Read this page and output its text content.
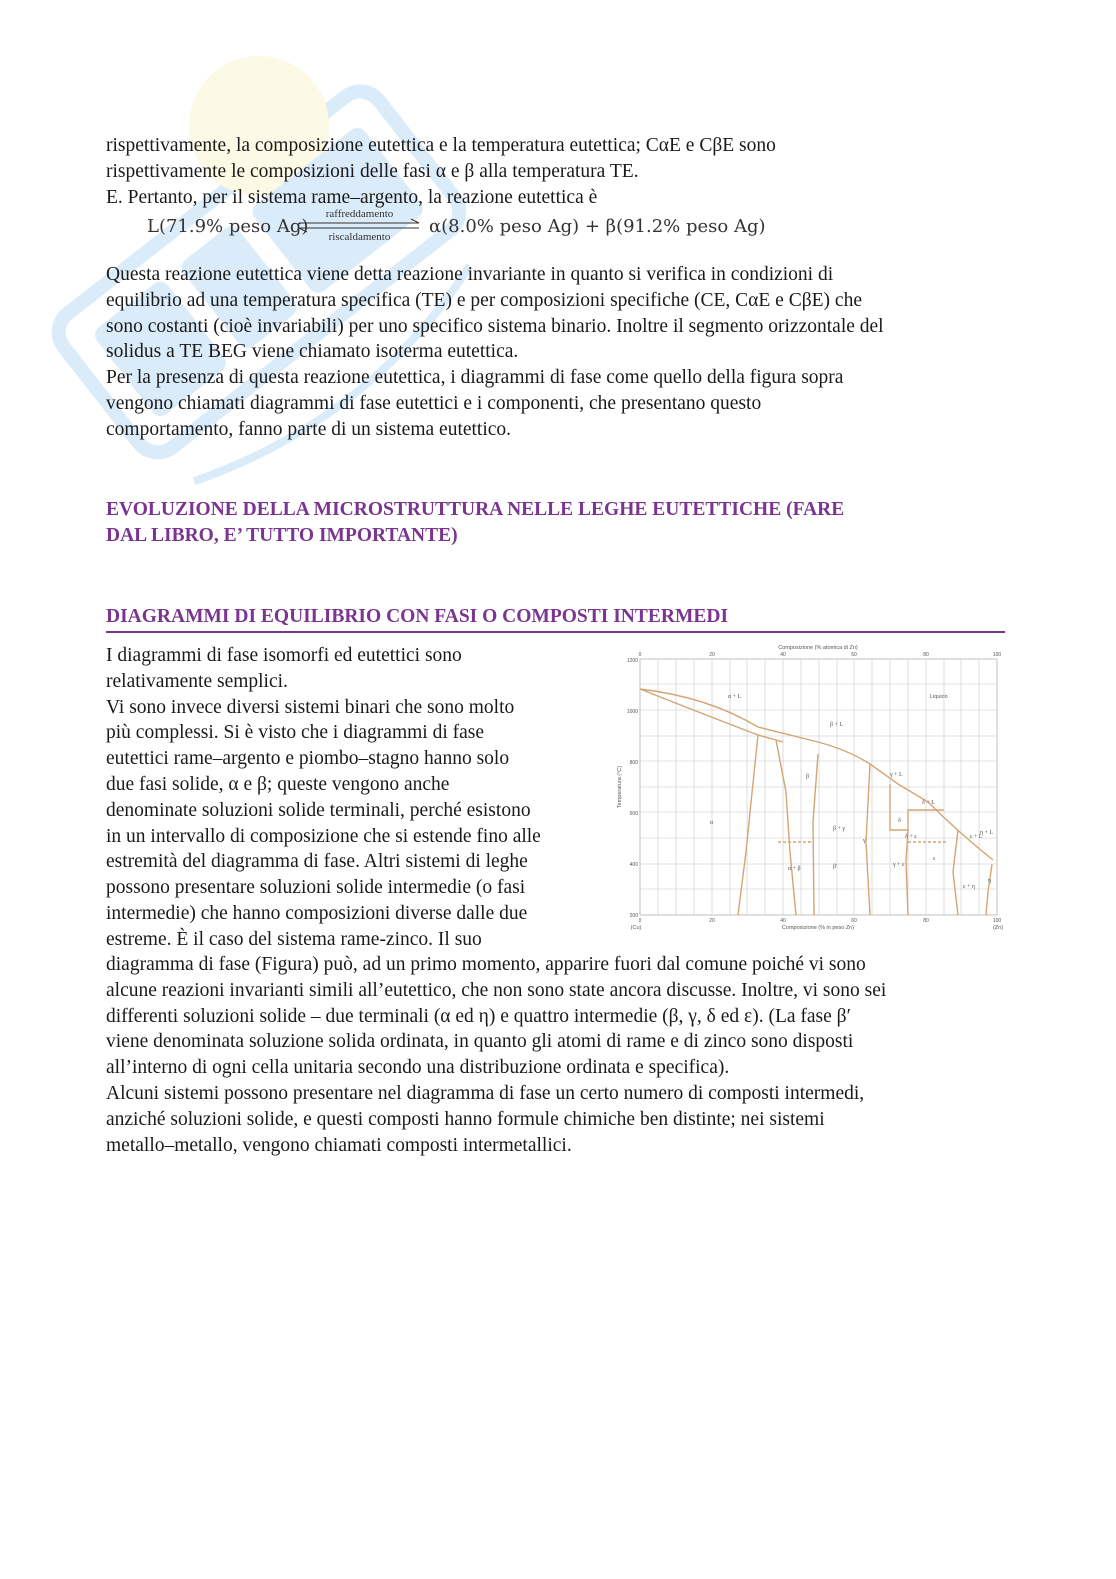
rispettivamente, la composizione eutettica e la temperatura eutettica; CαE e CβE sono
rispettivamente le composizioni delle fasi α e β alla temperatura TE.
E. Pertanto, per il sistema rame–argento, la reazione eutettica è
L(71.9% peso Ag)
raffreddamento
riscaldamento	α(8.0% peso Ag) + β(91.2% peso Ag)
Questa reazione eutettica viene detta reazione invariante in quanto si verifica in condizioni di
equilibrio ad una temperatura specifica (TE) e per composizioni specifiche (CE, CαE e CβE) che
sono costanti (cioè invariabili) per uno specifico sistema binario. Inoltre il segmento orizzontale del
solidus a TE BEG viene chiamato isoterma eutettica.
Per la presenza di questa reazione eutettica, i diagrammi di fase come quello della figura sopra
vengono chiamati diagrammi di fase eutettici e i componenti, che presentano questo
comportamento, fanno parte di un sistema eutettico.
EVOLUZIONE DELLA MICROSTRUTTURA NELLE LEGHE EUTETTICHE (FARE
DAL LIBRO, E’ TUTTO IMPORTANTE)
DIAGRAMMI DI EQUILIBRIO CON FASI O COMPOSTI INTERMEDI
I diagrammi di fase isomorfi ed eutettici sono
relativamente semplici.
Vi sono invece diversi sistemi binari che sono molto
più complessi. Si è visto che i diagrammi di fase
eutettici rame–argento e piombo–stagno hanno solo
due fasi solide, α e β; queste vengono anche
denominate soluzioni solide terminali, perché esistono
in un intervallo di composizione che si estende fino alle
estremità del diagramma di fase. Altri sistemi di leghe
possono presentare soluzioni solide intermedie (o fasi
intermedie) che hanno composizioni diverse dalle due
estreme. È il caso del sistema rame-zinco. Il suo
diagramma di fase (Figura) può, ad un primo momento, apparire fuori dal comune poiché vi sono
alcune reazioni invarianti simili all’eutettico, che non sono state ancora discusse. Inoltre, vi sono sei
differenti soluzioni solide – due terminali (α ed η) e quattro intermedie (β, γ, δ ed ε). (La fase β′
viene denominata soluzione solida ordinata, in quanto gli atomi di rame e di zinco sono disposti
all’interno di ogni cella unitaria secondo una distribuzione ordinata e specifica).
Alcuni sistemi possono presentare nel diagramma di fase un certo numero di composti intermedi,
anziché soluzioni solide, e questi composti hanno formule chimiche ben distinte; nei sistemi
metallo–metallo, vengono chiamati composti intermetallici.
Composizione (% atomica di Zn)
Composizione (% in peso Zn)
Temperatura (°C)
(Cu)	(Zn)
Liquido
0	20	40	60	80	100
0	20	40	60	80	100
1200
1000
800
600
400
200
α + L
β + L
α
β
γ
δ
ε
η
β′
α + β
β + γ
γ + ε
ε + η
ε + L
γ + L
δ + L
δ + ε
η + L
